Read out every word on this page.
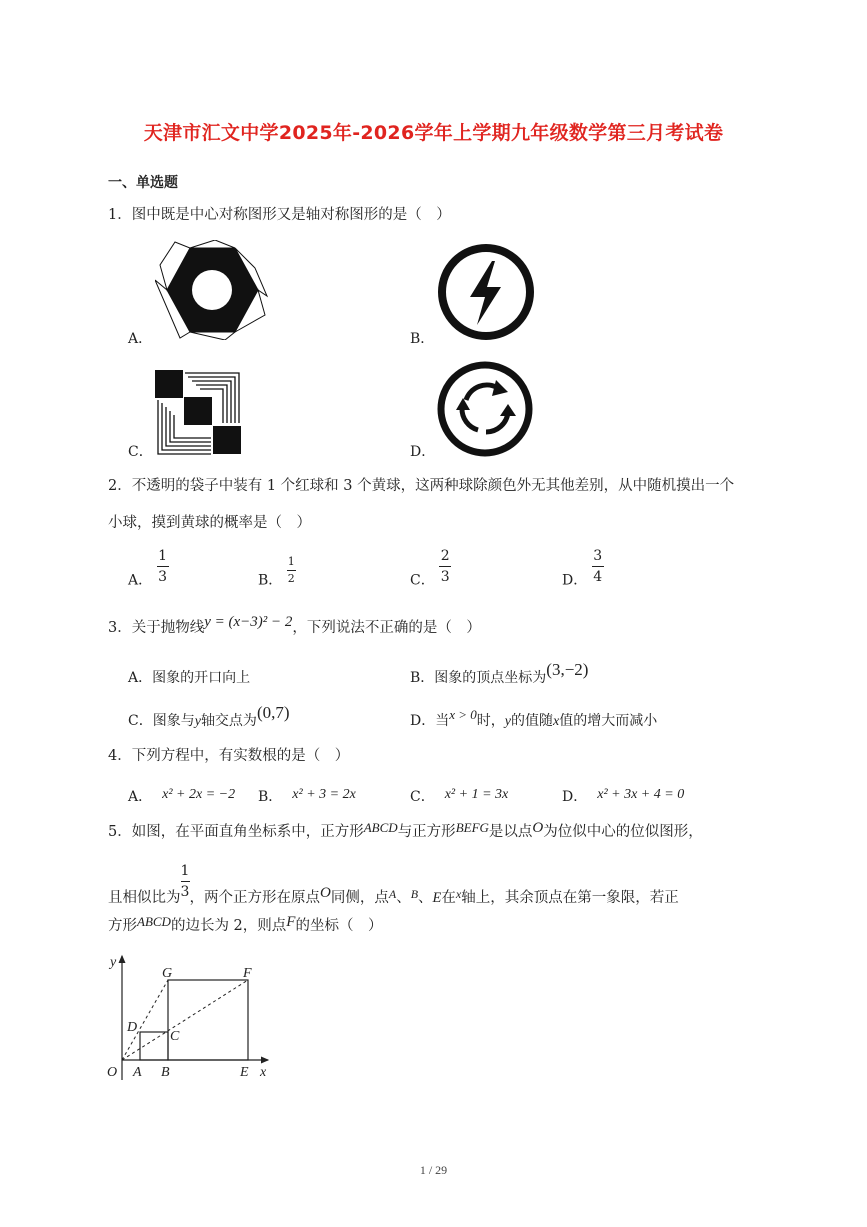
天津市汇文中学2025年-2026学年上学期九年级数学第三月考试卷
一、单选题
1．图中既是中心对称图形又是轴对称图形的是（　）
A．	B．
C．	D．
2．不透明的袋子中装有 1 个红球和 3 个黄球，这两种球除颜色外无其他差别，从中随机摸出一个
小球，摸到黄球的概率是（　）
A． $\frac{1}{3}$	B． $\frac{1}{2}$	C． $\frac{2}{3}$	D． $\frac{3}{4}$
3．关于抛物线y = (x−3)² − 2，下列说法不正确的是（　）
A．图象的开口向上	B．图象的顶点坐标为(3,−2)
C．图象与y轴交点为(0,7)	D．当x > 0时，y的值随x值的增大而减小
4．下列方程中，有实数根的是（　）
A． x² + 2x = −2 B． x² + 3 = 2x	C． x² + 1 = 3x	D． x² + 3x + 4 = 0
5．如图，在平面直角坐标系中，正方形ABCD与正方形BEFG是以点O为位似中心的位似图形，
且相似比为 $\frac{1}{3}$ ，两个正方形在原点O同侧，点$_A$、$_B$、E在$_x$轴上，其余顶点在第一象限，若正
方形ABCD的边长为 2，则点F的坐标（　）
y
x
O A B	E
C
D
G	F
1 / 29
